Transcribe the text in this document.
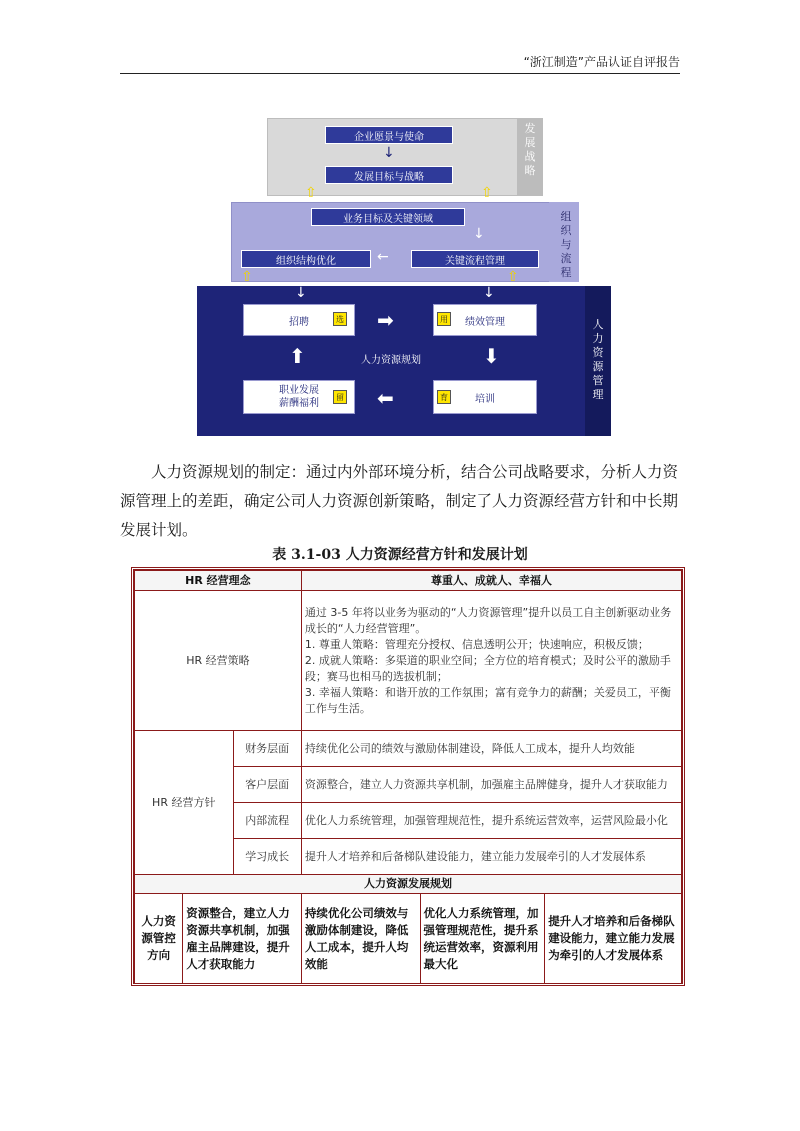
“浙江制造”产品认证自评报告
发展战略
组织与流程
人力资源管理
企业愿景与使命
↓
发展目标与战略
⇧	⇧
业务目标及关键领域
↓
组织结构优化	←	关键流程管理
⇧	⇧
↓	↓
招聘	绩效管理
职业发展
薪酬福利	培训
人力资源规划
选	用
留	育
➡
⬇
⬅
⬆

人力资源规划的制定：通过内外部环境分析，结合公司战略要求，分析人力资源管理上的差距，确定公司人力资源创新策略，制定了人力资源经营方针和中长期发展计划。

表 3.1-03 人力资源经营方针和发展计划
HR 经营理念			尊重人、成就人、幸福人		
HR 经营策略			通过 3-5 年将以业务为驱动的“人力资源管理”提升以员工自主创新驱动业务成长的“人力经营管理”。
1. 尊重人策略：管理充分授权、信息透明公开；快速响应，积极反馈；
2. 成就人策略：多渠道的职业空间；全方位的培育模式；及时公平的激励手段；赛马也相马的选拔机制；
3. 幸福人策略：和谐开放的工作氛围；富有竞争力的薪酬；关爱员工，平衡工作与生活。		

HR 经营方针		财务层面	持续优化公司的绩效与激励体制建设，降低人工成本，提升人均效能		
		客户层面	资源整合，建立人力资源共享机制，加强雇主品牌健身，提升人才获取能力		
		内部流程	优化人力系统管理，加强管理规范性，提升系统运营效率，运营风险最小化		
		学习成长	提升人才培养和后备梯队建设能力，建立能力发展牵引的人才发展体系		
人力资源发展规划					
人力资源管控方向	资源整合，建立人力资源共享机制，加强雇主品牌建设，提升人才获取能力		持续优化公司绩效与激励体制建设，降低人工成本，提升人均效能	优化人力系统管理，加强管理规范性，提升系统运营效率，资源利用最大化	提升人才培养和后备梯队建设能力，建立能力发展为牵引的人才发展体系
